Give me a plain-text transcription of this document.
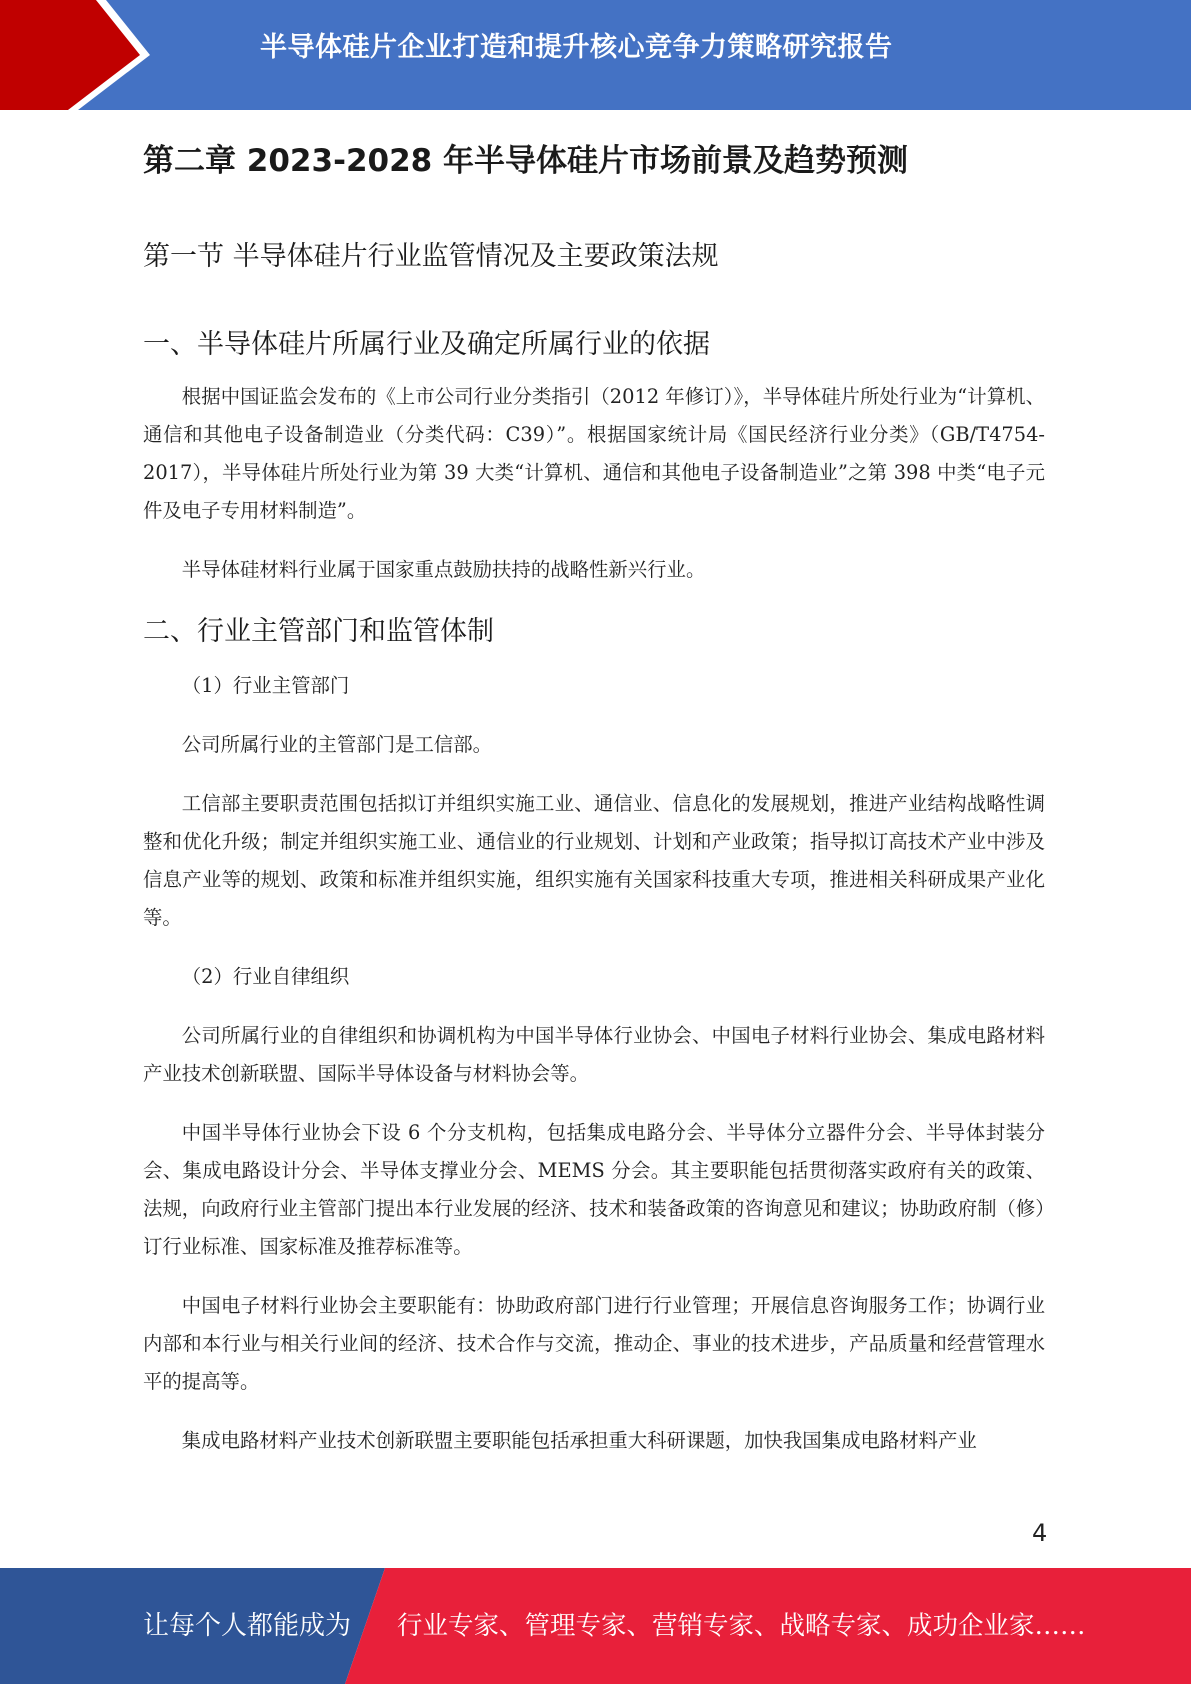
半导体硅片企业打造和提升核心竞争力策略研究报告
第二章 2023-2028 年半导体硅片市场前景及趋势预测
第一节 半导体硅片行业监管情况及主要政策法规
一、半导体硅片所属行业及确定所属行业的依据

根据中国证监会发布的《上市公司行业分类指引（2012 年修订）》，半导体硅片所处行业为“计算机、通信和其他电子设备制造业（分类代码：C39）”。根据国家统计局《国民经济行业分类》（GB/T4754-2017），半导体硅片所处行业为第 39 大类“计算机、通信和其他电子设备制造业”之第 398 中类“电子元件及电子专用材料制造”。

半导体硅材料行业属于国家重点鼓励扶持的战略性新兴行业。

二、行业主管部门和监管体制

（1）行业主管部门

公司所属行业的主管部门是工信部。

工信部主要职责范围包括拟订并组织实施工业、通信业、信息化的发展规划，推进产业结构战略性调整和优化升级；制定并组织实施工业、通信业的行业规划、计划和产业政策；指导拟订高技术产业中涉及信息产业等的规划、政策和标准并组织实施，组织实施有关国家科技重大专项，推进相关科研成果产业化等。

（2）行业自律组织

公司所属行业的自律组织和协调机构为中国半导体行业协会、中国电子材料行业协会、集成电路材料产业技术创新联盟、国际半导体设备与材料协会等。

中国半导体行业协会下设 6 个分支机构，包括集成电路分会、半导体分立器件分会、半导体封装分会、集成电路设计分会、半导体支撑业分会、MEMS 分会。其主要职能包括贯彻落实政府有关的政策、法规，向政府行业主管部门提出本行业发展的经济、技术和装备政策的咨询意见和建议；协助政府制（修）订行业标准、国家标准及推荐标准等。

中国电子材料行业协会主要职能有：协助政府部门进行行业管理；开展信息咨询服务工作；协调行业内部和本行业与相关行业间的经济、技术合作与交流，推动企、事业的技术进步，产品质量和经营管理水平的提高等。

集成电路材料产业技术创新联盟主要职能包括承担重大科研课题，加快我国集成电路材料产业

4
让每个人都能成为 行业专家、管理专家、营销专家、战略专家、成功企业家……
